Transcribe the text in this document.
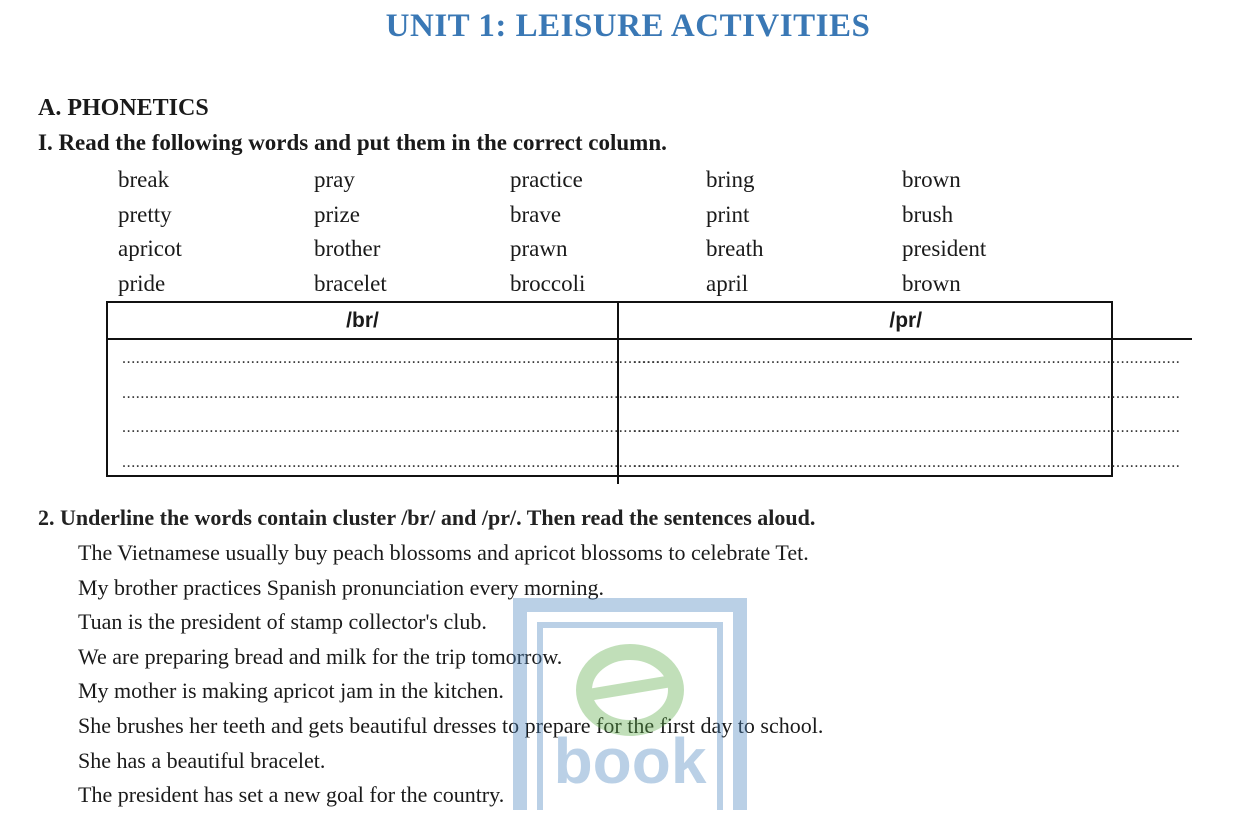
UNIT 1: LEISURE ACTIVITIES
A. PHONETICS
I. Read the following words and put them in the correct column.
break	pray	practice	bring	brown
pretty	prize	brave	print	brush
apricot	brother	prawn	breath	president
pride	bracelet	broccoli	april	brown
/br/	/pr/
.......................................................................................................................
.......................................................................................................................
.......................................................................................................................
.......................................................................................................................
.......................................................................................................................
.......................................................................................................................
.......................................................................................................................
.......................................................................................................................
2. Underline the words contain cluster /br/ and /pr/. Then read the sentences aloud.
The Vietnamese usually buy peach blossoms and apricot blossoms to celebrate Tet.
My brother practices Spanish pronunciation every morning.
Tuan is the president of stamp collector's club.
We are preparing bread and milk for the trip tomorrow.
My mother is making apricot jam in the kitchen.
She brushes her teeth and gets beautiful dresses to prepare for the first day to school.
She has a beautiful bracelet.
The president has set a new goal for the country. book
